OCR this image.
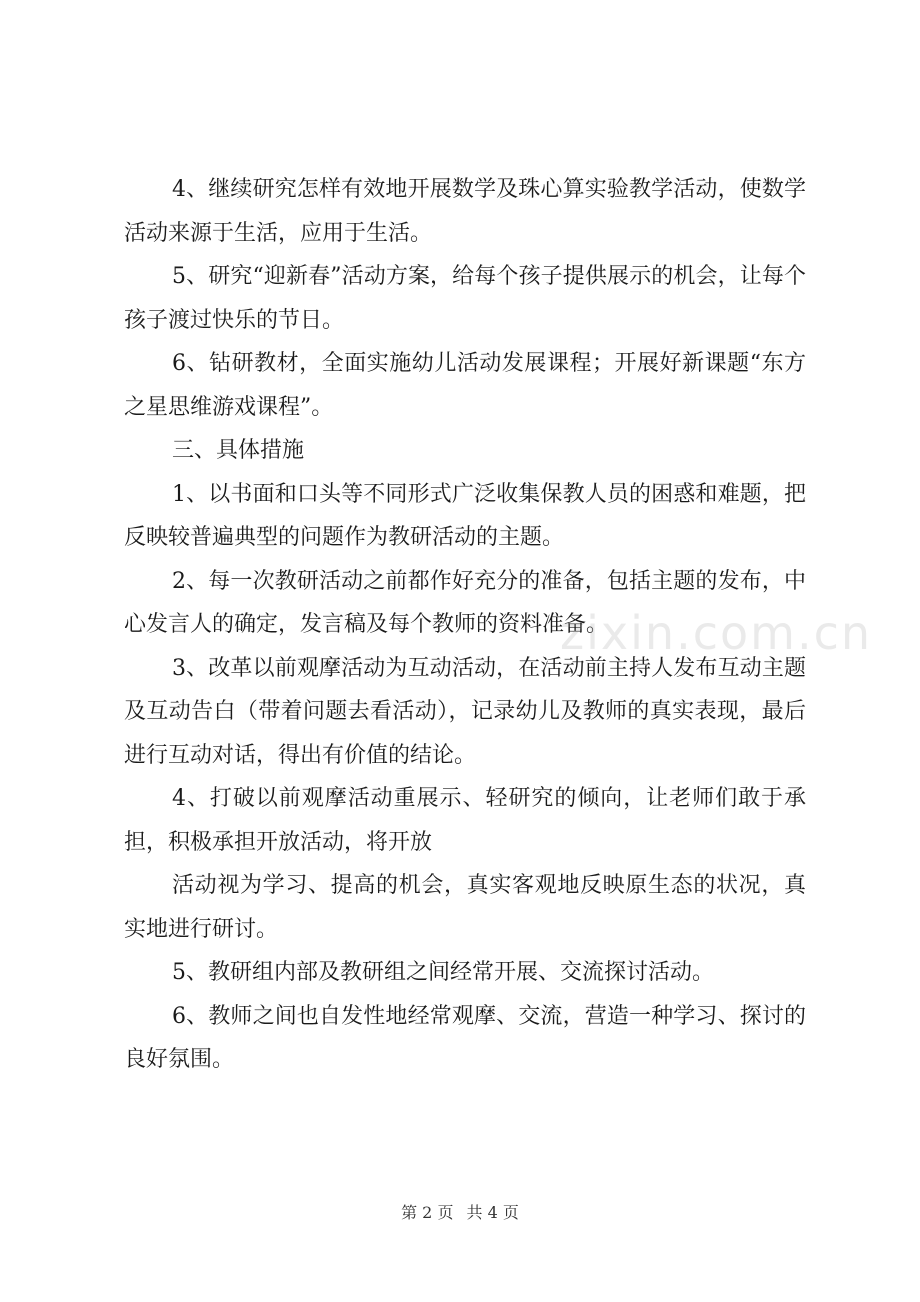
4、继续研究怎样有效地开展数学及珠心算实验教学活动，使数学活动来源于生活，应用于生活。

5、研究“迎新春”活动方案，给每个孩子提供展示的机会，让每个孩子渡过快乐的节日。

6、钻研教材，全面实施幼儿活动发展课程；开展好新课题“东方之星思维游戏课程”。

三、具体措施

1、以书面和口头等不同形式广泛收集保教人员的困惑和难题，把反映较普遍典型的问题作为教研活动的主题。

2、每一次教研活动之前都作好充分的准备，包括主题的发布，中心发言人的确定，发言稿及每个教师的资料准备。

3、改革以前观摩活动为互动活动，在活动前主持人发布互动主题及互动告白（带着问题去看活动），记录幼儿及教师的真实表现，最后进行互动对话，得出有价值的结论。

4、打破以前观摩活动重展示、轻研究的倾向，让老师们敢于承担，积极承担开放活动，将开放

活动视为学习、提高的机会，真实客观地反映原生态的状况，真实地进行研讨。

5、教研组内部及教研组之间经常开展、交流探讨活动。

6、教师之间也自发性地经常观摩、交流，营造一种学习、探讨的良好氛围。

zixin.com.cn
第 2 页 共 4 页
